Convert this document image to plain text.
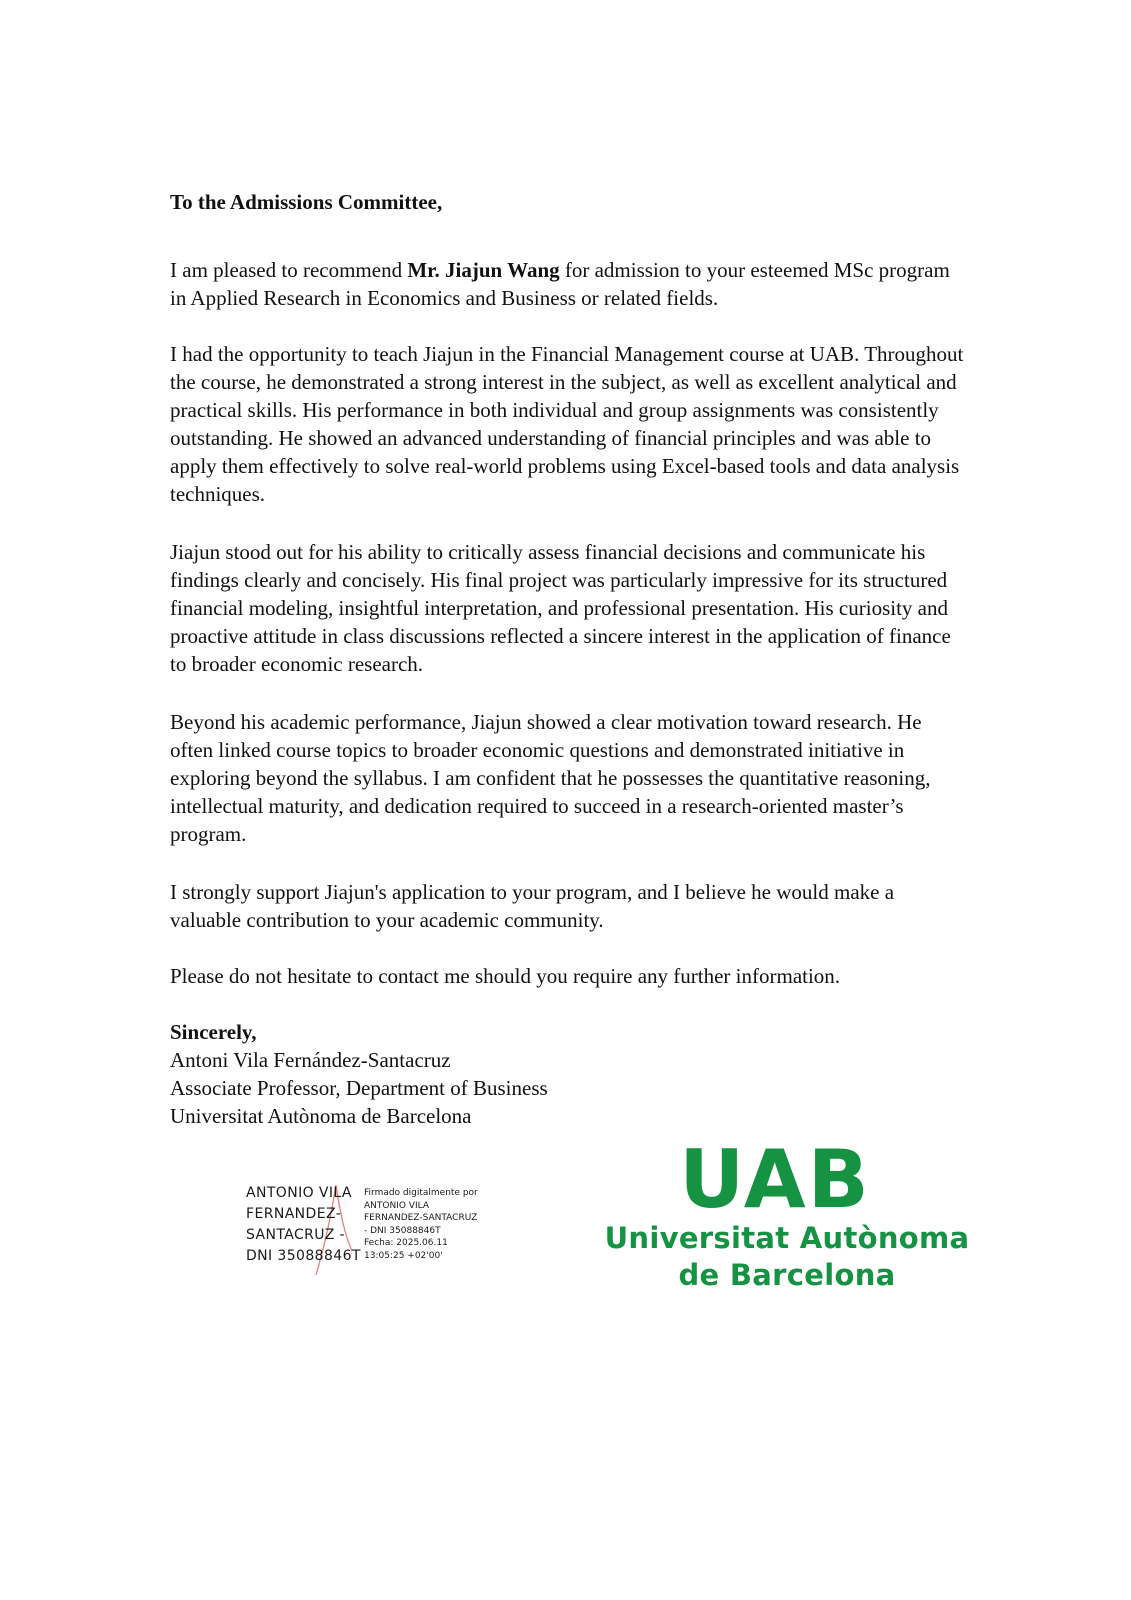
To the Admissions Committee,

I am pleased to recommend Mr. Jiajun Wang for admission to your esteemed MSc program in Applied Research in Economics and Business or related fields.

I had the opportunity to teach Jiajun in the Financial Management course at UAB. Throughout the course, he demonstrated a strong interest in the subject, as well as excellent analytical and practical skills. His performance in both individual and group assignments was consistently outstanding. He showed an advanced understanding of financial principles and was able to apply them effectively to solve real-world problems using Excel-based tools and data analysis techniques.

Jiajun stood out for his ability to critically assess financial decisions and communicate his findings clearly and concisely. His final project was particularly impressive for its structured financial modeling, insightful interpretation, and professional presentation. His curiosity and proactive attitude in class discussions reflected a sincere interest in the application of finance to broader economic research.

Beyond his academic performance, Jiajun showed a clear motivation toward research. He often linked course topics to broader economic questions and demonstrated initiative in exploring beyond the syllabus. I am confident that he possesses the quantitative reasoning, intellectual maturity, and dedication required to succeed in a research-oriented master’s program.

I strongly support Jiajun's application to your program, and I believe he would make a valuable contribution to your academic community.

Please do not hesitate to contact me should you require any further information.

Sincerely,

Antoni Vila Fernández-Santacruz

Associate Professor, Department of Business

Universitat Autònoma de Barcelona

ANTONIO VILA
FERNANDEZ-
SANTACRUZ -
DNI 35088846T
Firmado digitalmente por
ANTONIO VILA
FERNANDEZ-SANTACRUZ
- DNI 35088846T
Fecha: 2025.06.11
13:05:25 +02'00'
UAB
Universitat Autònoma
de Barcelona
